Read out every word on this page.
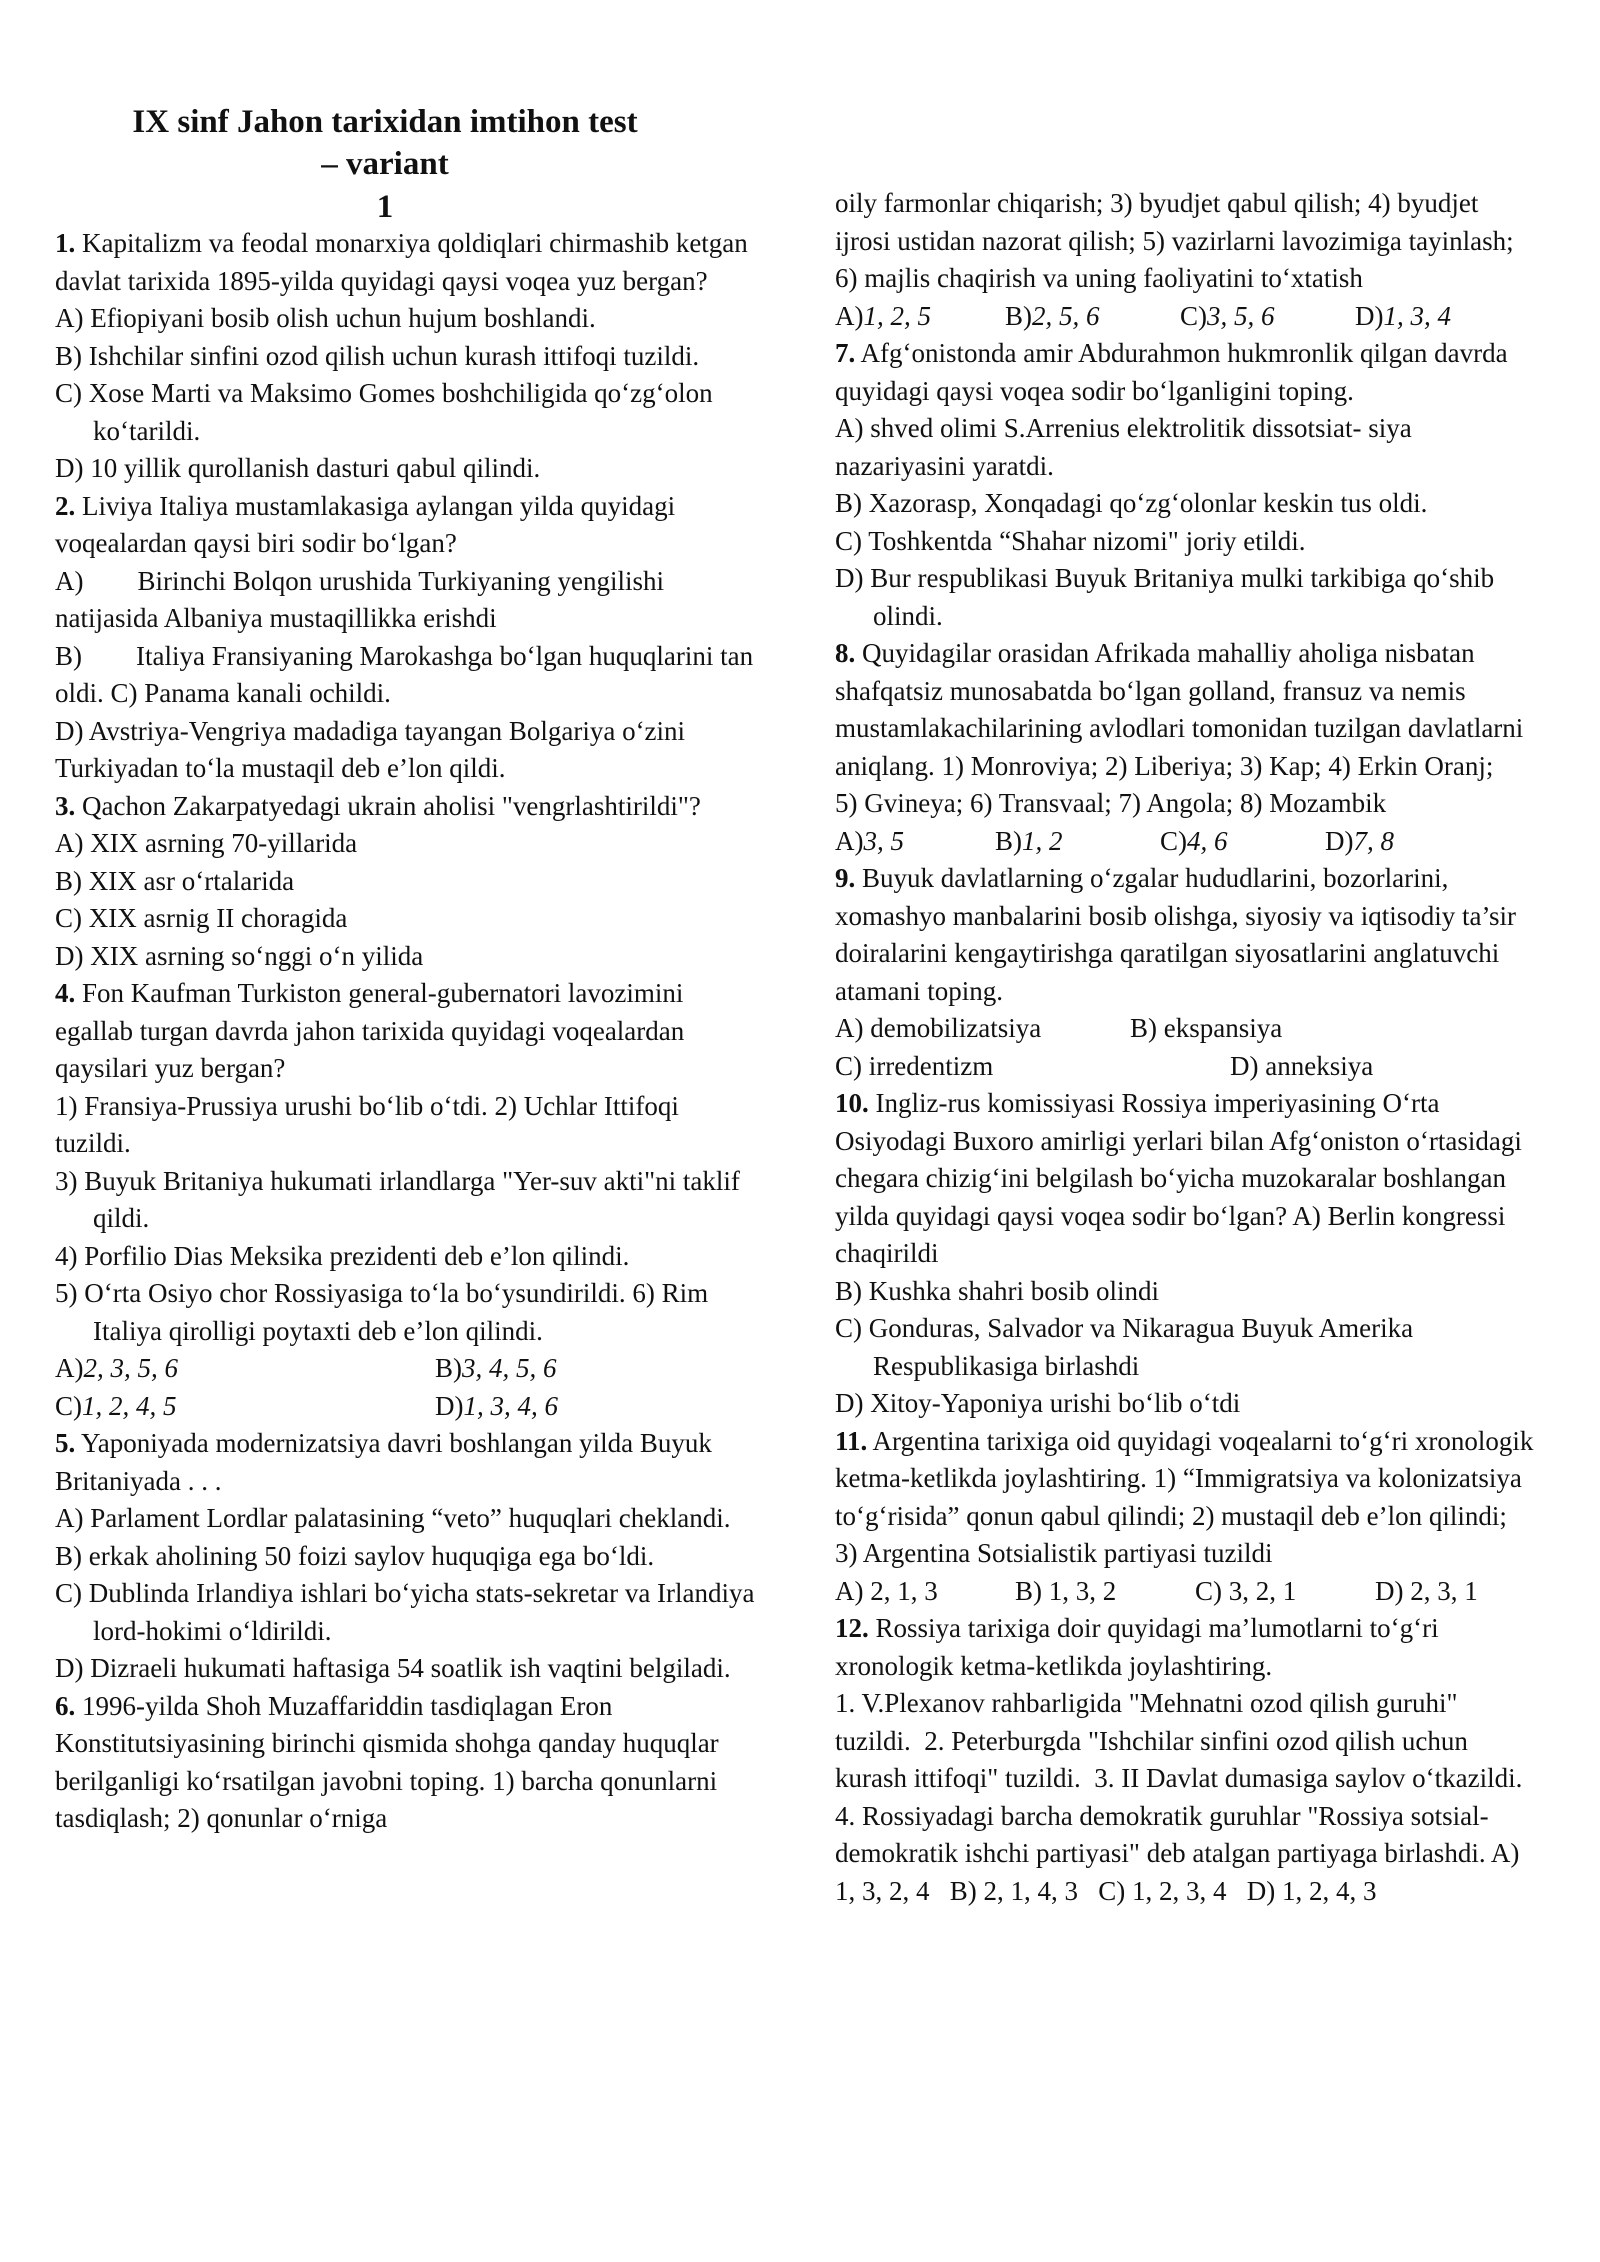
IX sinf Jahon tarixidan imtihon test
– variant
1

1. Kapitalizm va feodal monarxiya qoldiqlari chirmashib ketgan davlat tarixida 1895-yilda quyidagi qaysi voqea yuz bergan?

A) Efiopiyani bosib olish uchun hujum boshlandi.

B) Ishchilar sinfini ozod qilish uchun kurash ittifoqi tuzildi.

C) Xose Marti va Maksimo Gomes boshchiligida qo‘zg‘olon ko‘tarildi.

D) 10 yillik qurollanish dasturi qabul qilindi.

2. Liviya Italiya mustamlakasiga aylangan yilda quyidagi voqealardan qaysi biri sodir bo‘lgan?

A)        Birinchi Bolqon urushida Turkiyaning yengilishi natijasida Albaniya mustaqillikka erishdi

B)        Italiya Fransiyaning Marokashga bo‘lgan huquqlarini tan oldi. C) Panama kanali ochildi.

D) Avstriya-Vengriya madadiga tayangan Bolgariya o‘zini Turkiyadan to‘la mustaqil deb e’lon qildi.

3. Qachon Zakarpatyedagi ukrain aholisi "vengrlashtirildi"?

A) XIX asrning 70-yillarida

B) XIX asr o‘rtalarida

C) XIX asrnig II choragida

D) XIX asrning so‘nggi o‘n yilida

4. Fon Kaufman Turkiston general-gubernatori lavozimini egallab turgan davrda jahon tarixida quyidagi voqealardan qaysilari yuz bergan?

1) Fransiya-Prussiya urushi bo‘lib o‘tdi. 2) Uchlar Ittifoqi tuzildi.

3) Buyuk Britaniya hukumati irlandlarga "Yer-suv akti"ni taklif qildi.

4) Porfilio Dias Meksika prezidenti deb e’lon qilindi.

5) O‘rta Osiyo chor Rossiyasiga to‘la bo‘ysundirildi. 6) Rim Italiya qirolligi poytaxti deb e’lon qilindi.

A)2, 3, 5, 6	B)3, 4, 5, 6
C)1, 2, 4, 5	D)1, 3, 4, 6

5. Yaponiyada modernizatsiya davri boshlangan yilda Buyuk Britaniyada . . .

A) Parlament Lordlar palatasining “veto” huquqlari cheklandi.

B) erkak aholining 50 foizi saylov huquqiga ega bo‘ldi.

C) Dublinda Irlandiya ishlari bo‘yicha stats-sekretar va Irlandiya lord-hokimi o‘ldirildi.

D) Dizraeli hukumati haftasiga 54 soatlik ish vaqtini belgiladi.

6. 1996-yilda Shoh Muzaffariddin tasdiqlagan Eron Konstitutsiyasining birinchi qismida shohga qanday huquqlar berilganligi ko‘rsatilgan javobni toping. 1) barcha qonunlarni tasdiqlash; 2) qonunlar o‘rniga

oily farmonlar chiqarish; 3) byudjet qabul qilish; 4) byudjet ijrosi ustidan nazorat qilish; 5) vazirlarni lavozimiga tayinlash; 6) majlis chaqirish va uning faoliyatini to‘xtatish

A)1, 2, 5	B)2, 5, 6	C)3, 5, 6	D)1, 3, 4

7. Afg‘onistonda amir Abdurahmon hukmronlik qilgan davrda quyidagi qaysi voqea sodir bo‘lganligini toping.

A) shved olimi S.Arrenius elektrolitik dissotsiat- siya nazariyasini yaratdi.

B) Xazorasp, Xonqadagi qo‘zg‘olonlar keskin tus oldi.

C) Toshkentda “Shahar nizomi" joriy etildi.

D) Bur respublikasi Buyuk Britaniya mulki tarkibiga qo‘shib olindi.

8. Quyidagilar orasidan Afrikada mahalliy aholiga nisbatan shafqatsiz munosabatda bo‘lgan golland, fransuz va nemis mustamlakachilarining avlodlari tomonidan tuzilgan davlatlarni aniqlang. 1) Monroviya; 2) Liberiya; 3) Kap; 4) Erkin Oranj;

5) Gvineya; 6) Transvaal; 7) Angola; 8) Mozambik

A)3, 5	B)1, 2	C)4, 6	D)7, 8

9. Buyuk davlatlarning o‘zgalar hududlarini, bozorlarini, xomashyo manbalarini bosib olishga, siyosiy va iqtisodiy ta’sir doiralarini kengaytirishga qaratilgan siyosatlarini anglatuvchi atamani toping.

A) demobilizatsiya	B) ekspansiya
C) irredentizm	D) anneksiya

10. Ingliz-rus komissiyasi Rossiya imperiyasining O‘rta Osiyodagi Buxoro amirligi yerlari bilan Afg‘oniston o‘rtasidagi chegara chizig‘ini belgilash bo‘yicha muzokaralar boshlangan yilda quyidagi qaysi voqea sodir bo‘lgan? A) Berlin kongressi chaqirildi

B) Kushka shahri bosib olindi

C) Gonduras, Salvador va Nikaragua Buyuk Amerika Respublikasiga birlashdi

D) Xitoy-Yaponiya urishi bo‘lib o‘tdi

11. Argentina tarixiga oid quyidagi voqealarni to‘g‘ri xronologik ketma-ketlikda joylashtiring. 1) “Immigratsiya va kolonizatsiya to‘g‘risida” qonun qabul qilindi; 2) mustaqil deb e’lon qilindi;

3) Argentina Sotsialistik partiyasi tuzildi

A) 2, 1, 3	B) 1, 3, 2	C) 3, 2, 1	D) 2, 3, 1

12. Rossiya tarixiga doir quyidagi ma’lumotlarni to‘g‘ri xronologik ketma-ketlikda joylashtiring.

1. V.Plexanov rahbarligida "Mehnatni ozod qilish guruhi" tuzildi.  2. Peterburgda "Ishchilar sinfini ozod qilish uchun kurash ittifoqi" tuzildi.  3. II Davlat dumasiga saylov o‘tkazildi.  4. Rossiyadagi barcha demokratik guruhlar "Rossiya sotsial-demokratik ishchi partiyasi" deb atalgan partiyaga birlashdi. A) 1, 3, 2, 4   B) 2, 1, 4, 3   C) 1, 2, 3, 4   D) 1, 2, 4, 3
